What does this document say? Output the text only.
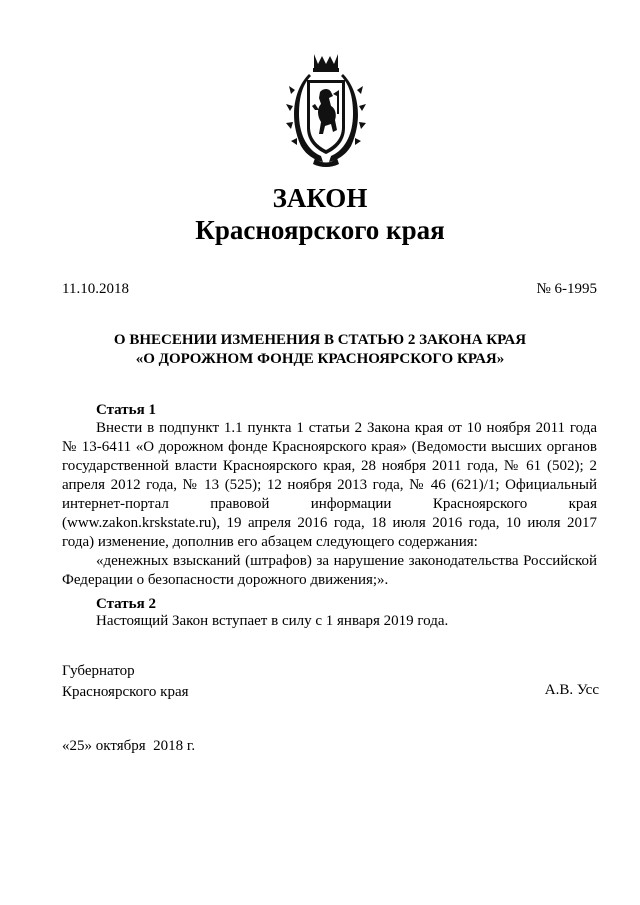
ЗАКОН
Красноярского края
11.10.2018	№ 6-1995
О ВНЕСЕНИИ ИЗМЕНЕНИЯ В СТАТЬЮ 2 ЗАКОНА КРАЯ
«О ДОРОЖНОМ ФОНДЕ КРАСНОЯРСКОГО КРАЯ»
Статья 1

Внести в подпункт 1.1 пункта 1 статьи 2 Закона края от 10 ноября 2011 года № 13-6411 «О дорожном фонде Красноярского края» (Ведомости высших органов государственной власти Красноярского края, 28 ноября 2011 года, № 61 (502); 2 апреля 2012 года, № 13 (525); 12 ноября 2013 года, № 46 (621)/1; Официальный интернет-портал правовой информации Красноярского края (www.zakon.krskstate.ru), 19 апреля 2016 года, 18 июля 2016 года, 10 июля 2017 года) изменение, дополнив его абзацем следующего содержания:

«денежных взысканий (штрафов) за нарушение законодательства Российской Федерации о безопасности дорожного движения;».

Статья 2

Настоящий Закон вступает в силу с 1 января 2019 года.

Губернатор
Красноярского края	А.В. Усс
«25» октября  2018 г.
